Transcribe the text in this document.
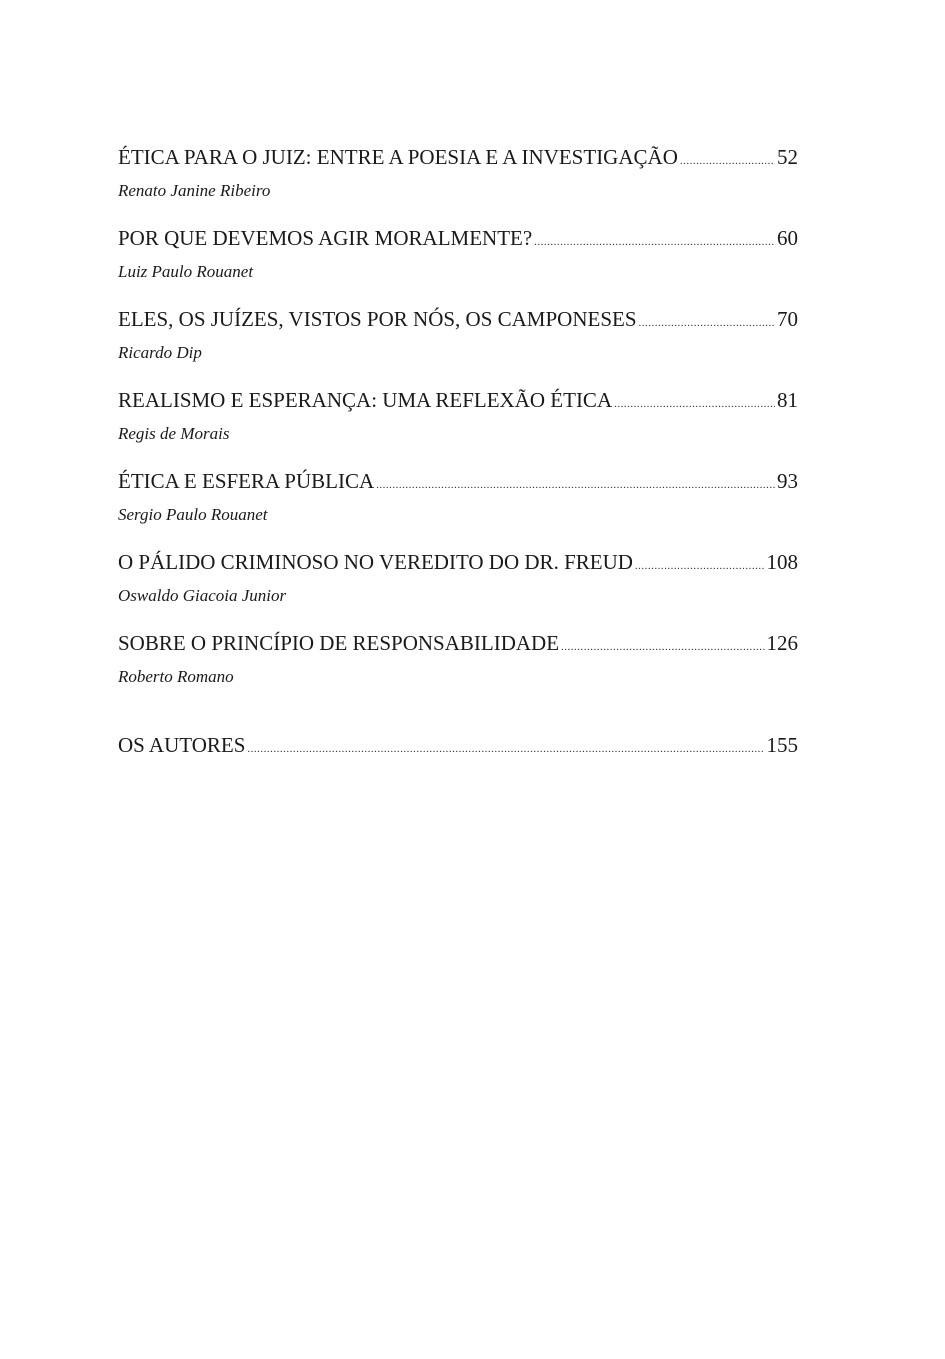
ÉTICA PARA O JUIZ: ENTRE A POESIA E A INVESTIGAÇÃO .....	52
Renato Janine Ribeiro
POR QUE DEVEMOS AGIR MORALMENTE? .....	60
Luiz Paulo Rouanet
ELES, OS JUÍZES, VISTOS POR NÓS, OS CAMPONESES .....	70
Ricardo Dip
REALISMO E ESPERANÇA: UMA REFLEXÃO ÉTICA .....	81
Regis de Morais
ÉTICA E ESFERA PÚBLICA .....	93
Sergio Paulo Rouanet
O PÁLIDO CRIMINOSO NO VEREDITO DO DR. FREUD .....	108
Oswaldo Giacoia Junior
SOBRE O PRINCÍPIO DE RESPONSABILIDADE .....	126
Roberto Romano
OS AUTORES .....	155
